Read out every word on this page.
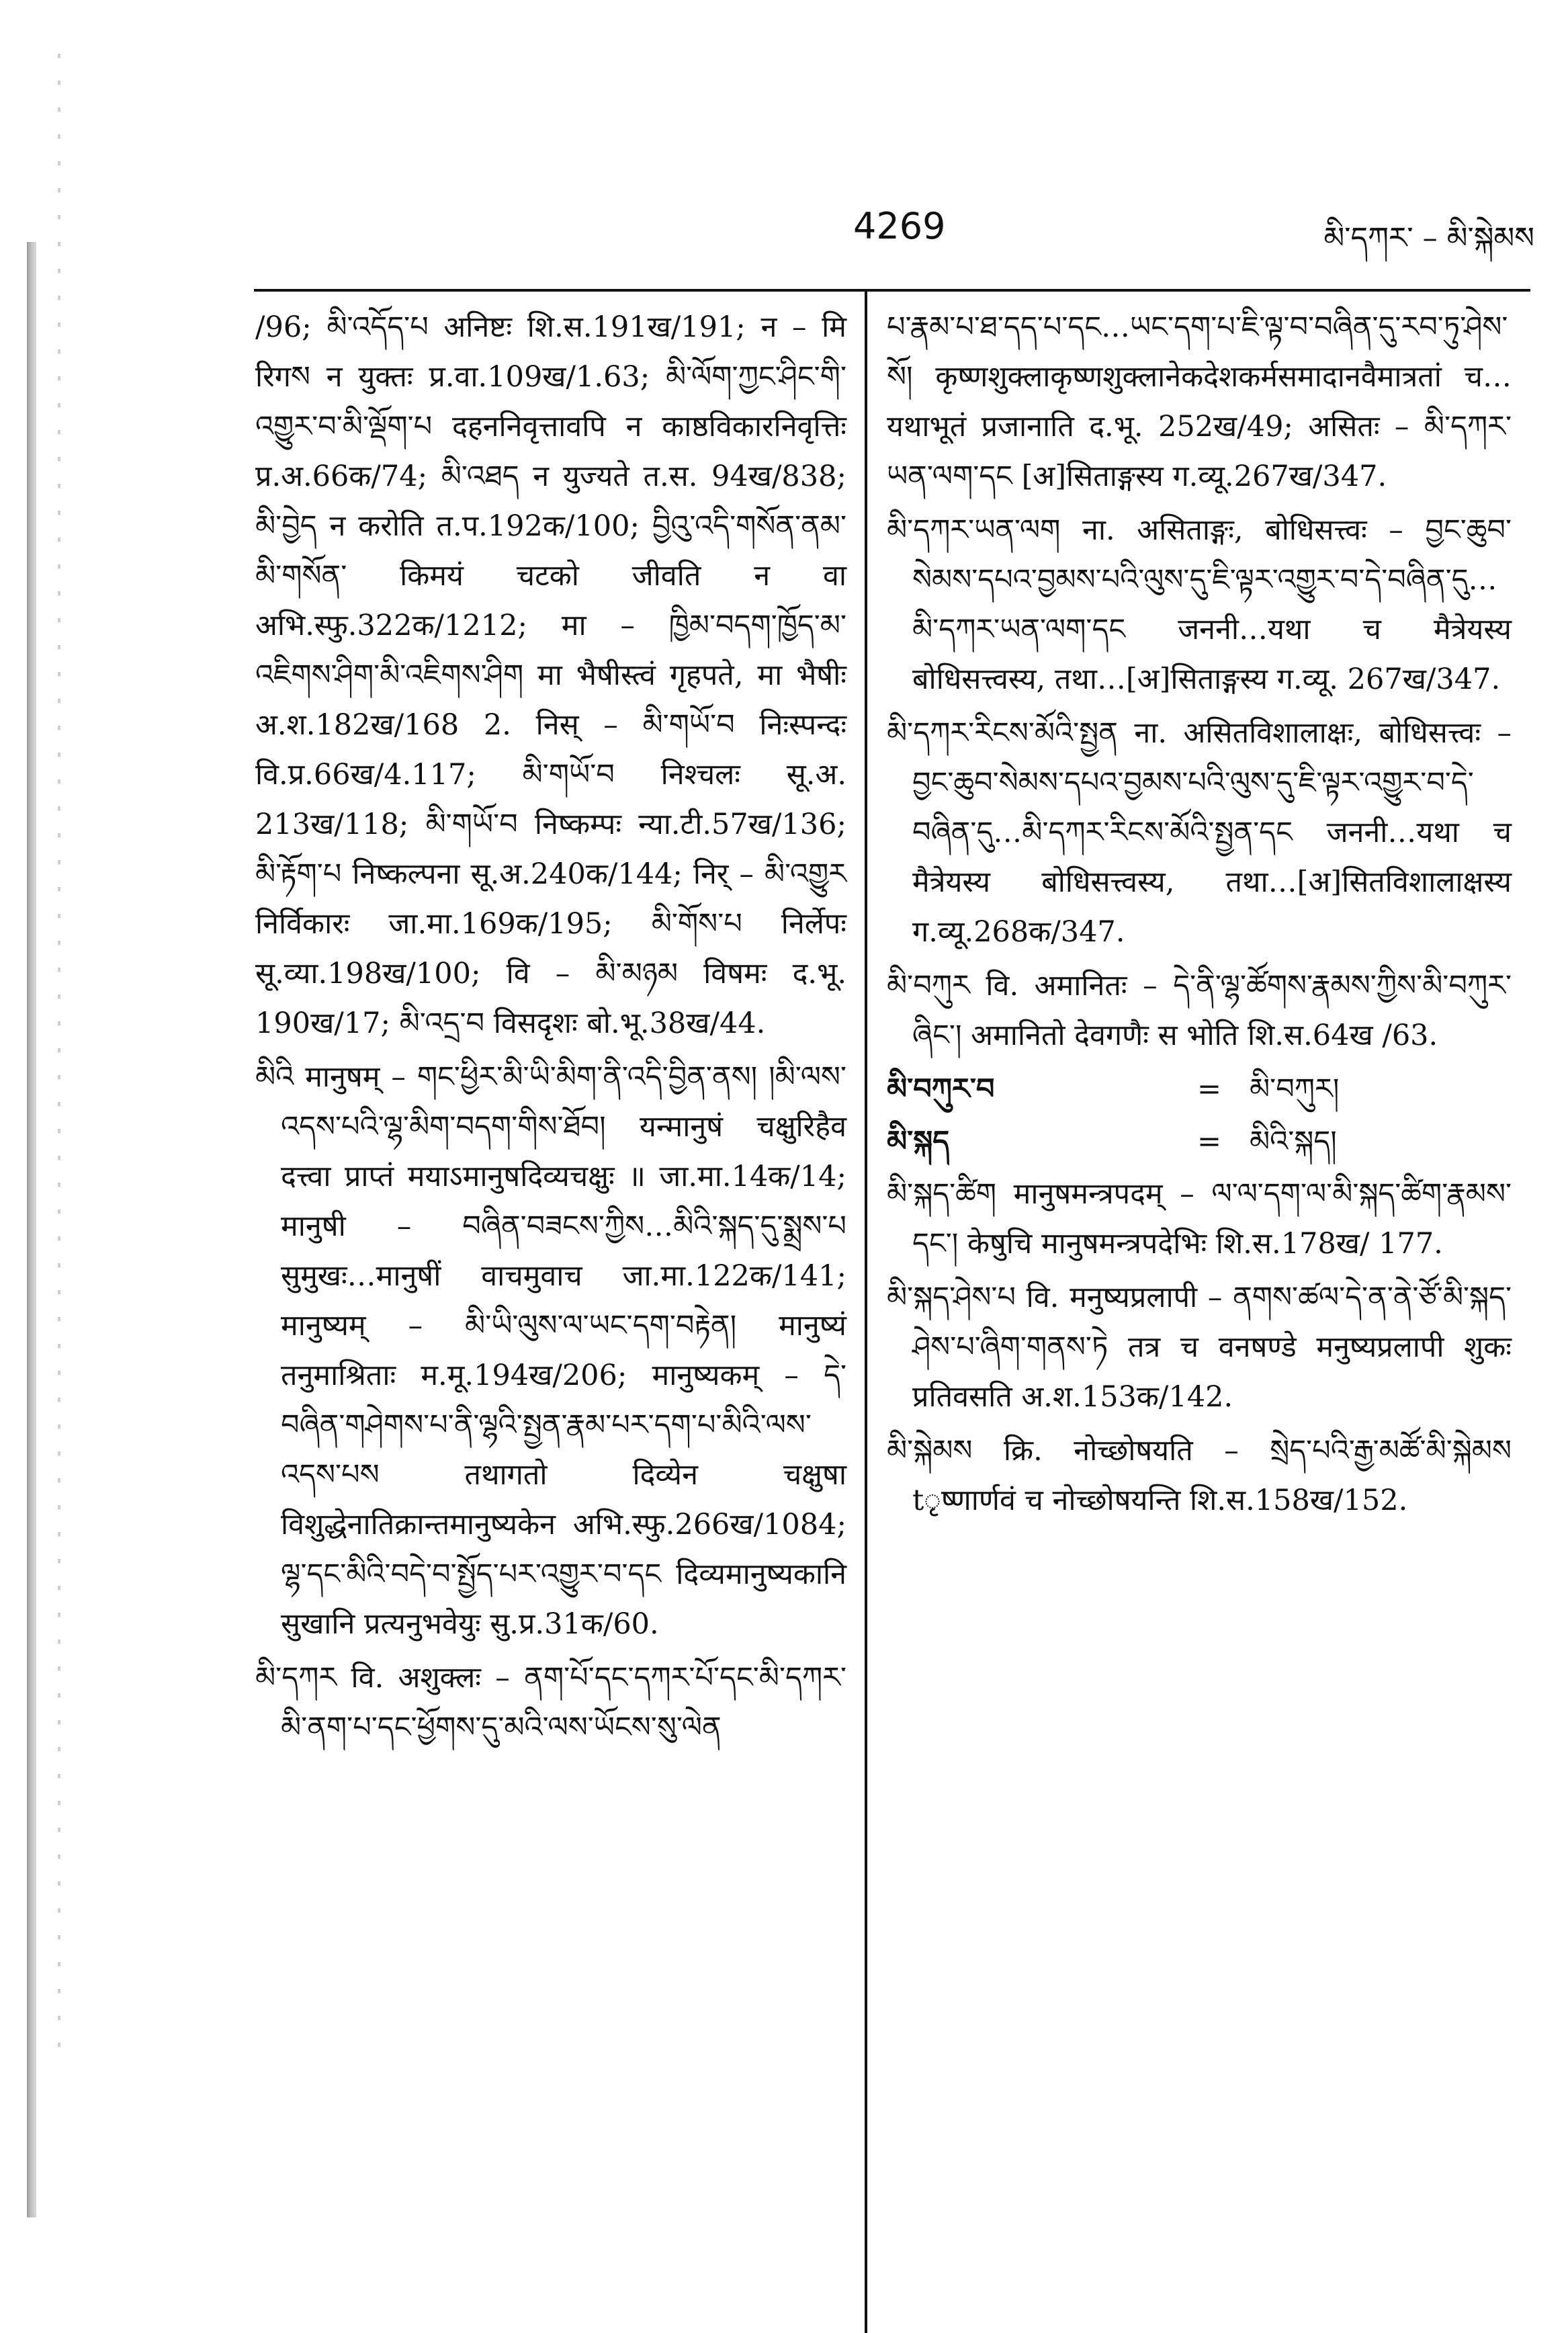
4269	མི་དཀར་ – མི་སྐེམས

/96; མི་འདོད་པ अनिष्टः शि.स.191ख/191; न – मि रिगས न युक्तः प्र.वा.109ख/1.63; མི་ལོག་ཀྱང་ཤིང་གི་འགྱུར་བ་མི་ལྡོག་པ दहननिवृत्तावपि न काष्ठविकारनिवृत्तिः प्र.अ.66क/74; མི་འཐད न युज्यते त.स. 94ख/838; མི་བྱེད न करोति त.प.192क/100; བྱིའུ་འདི་གསོན་ནམ་མི་གསོན་ किमयं चटको जीवति न वा अभि.स्फु.322क/1212; मा – ཁྱིམ་བདག་ཁྱོད་མ་འཇིགས་ཤིག་མི་འཇིགས་ཤིག मा भैषीस्त्वं गृहपते, मा भैषीः अ.श.182ख/168 2. निस् – མི་གཡོ་བ निःस्पन्दः वि.प्र.66ख/4.117; མི་གཡོ་བ निश्चलः सू.अ. 213ख/118; མི་གཡོ་བ निष्कम्पः न्या.टी.57ख/136; མི་རྟོག་པ निष्कल्पना सू.अ.240क/144; निर् – མི་འགྱུར निर्विकारः जा.मा.169क/195; མི་གོས་པ निर्लेपः सू.व्या.198ख/100; वि – མི་མཉམ विषमः द.भू. 190ख/17; མི་འདྲ་བ विसदृशः बो.भू.38ख/44.

མིའི मानुषम् – གང་ཕྱིར་མི་ཡི་མིག་ནི་འདི་བྱིན་ནས། །མི་ལས་འདས་པའི་ལྷ་མིག་བདག་གིས་ཐོབ། यन्मानुषं चक्षुरिहैव दत्त्वा प्राप्तं मयाऽमानुषदिव्यचक्षुः ॥ जा.मा.14क/14; मानुषी – བཞིན་བཟངས་ཀྱིས…མིའི་སྐད་དུ་སྨྲས་པ सुमुखः…मानुषीं वाचमुवाच जा.मा.122क/141; मानुष्यम् – མི་ཡི་ལུས་ལ་ཡང་དག་བརྟེན། मानुष्यं तनुमाश्रिताः म.मू.194ख/206; मानुष्यकम् – དེ་བཞིན་གཤེགས་པ་ནི་ལྷའི་སྤྱན་རྣམ་པར་དག་པ་མིའི་ལས་འདས་པས तथागतो दिव्येन चक्षुषा विशुद्धेनातिक्रान्तमानुष्यकेन अभि.स्फु.266ख/1084; ལྷ་དང་མིའི་བདེ་བ་སྤྱོད་པར་འགྱུར་བ་དང दिव्यमानुष्यकानि सुखानि प्रत्यनुभवेयुः सु.प्र.31क/60.

མི་དཀར वि. अशुक्लः – ནག་པོ་དང་དཀར་པོ་དང་མི་དཀར་མི་ནག་པ་དང་ཕྱོགས་དུ་མའི་ལས་ཡོངས་སུ་ལེན

པ་རྣམ་པ་ཐ་དད་པ་དང…ཡང་དག་པ་ཇི་ལྟ་བ་བཞིན་དུ་རབ་ཏུ་ཤེས་སོ། कृष्णशुक्लाकृष्णशुक्लानेकदेशकर्मसमादानवैमात्रतां च…यथाभूतं प्रजानाति द.भू. 252ख/49; असितः – མི་དཀར་ཡན་ལག་དང [अ]सिताङ्गस्य ग.व्यू.267ख/347.

མི་དཀར་ཡན་ལག ना. असिताङ्गः, बोधिसत्त्वः – བྱང་ཆུབ་སེམས་དཔའ་བྱམས་པའི་ལུས་དུ་ཇི་ལྟར་འགྱུར་བ་དེ་བཞིན་དུ…མི་དཀར་ཡན་ལག་དང जननी…यथा च मैत्रेयस्य बोधिसत्त्वस्य, तथा…[अ]सिताङ्गस्य ग.व्यू. 267ख/347.

མི་དཀར་རིངས་མོའི་སྤྱན ना. असितविशालाक्षः, बोधिसत्त्वः – བྱང་ཆུབ་སེམས་དཔའ་བྱམས་པའི་ལུས་དུ་ཇི་ལྟར་འགྱུར་བ་དེ་བཞིན་དུ…མི་དཀར་རིངས་མོའི་སྤྱན་དང जननी…यथा च मैत्रेयस्य बोधिसत्त्वस्य, तथा…[अ]सितविशालाक्षस्य ग.व्यू.268क/347.

མི་བཀུར वि. अमानितः – དེ་ནི་ལྷ་ཚོགས་རྣམས་ཀྱིས་མི་བཀུར་ཞིང་། अमानितो देवगणैः स भोति शि.स.64ख /63.

མི་བཀུར་བ	= མི་བཀུར།
མི་སྐད	= མིའི་སྐད།

མི་སྐད་ཚིག मानुषमन्त्रपदम् – ལ་ལ་དག་ལ་མི་སྐད་ཚིག་རྣམས་དང་། केषुचि मानुषमन्त्रपदेभिः शि.स.178ख/ 177.

མི་སྐད་ཤེས་པ वि. मनुष्यप्रलापी – ནགས་ཚལ་དེ་ན་ནེ་ཙོ་མི་སྐད་ཤེས་པ་ཞིག་གནས་ཏེ तत्र च वनषण्डे मनुष्यप्रलापी शुकः प्रतिवसति अ.श.153क/142.

མི་སྐེམས क्रि. नोच्छोषयति – སྲེད་པའི་རྒྱ་མཚོ་མི་སྐེམས tृष्णार्णवं च नोच्छोषयन्ति शि.स.158ख/152.
